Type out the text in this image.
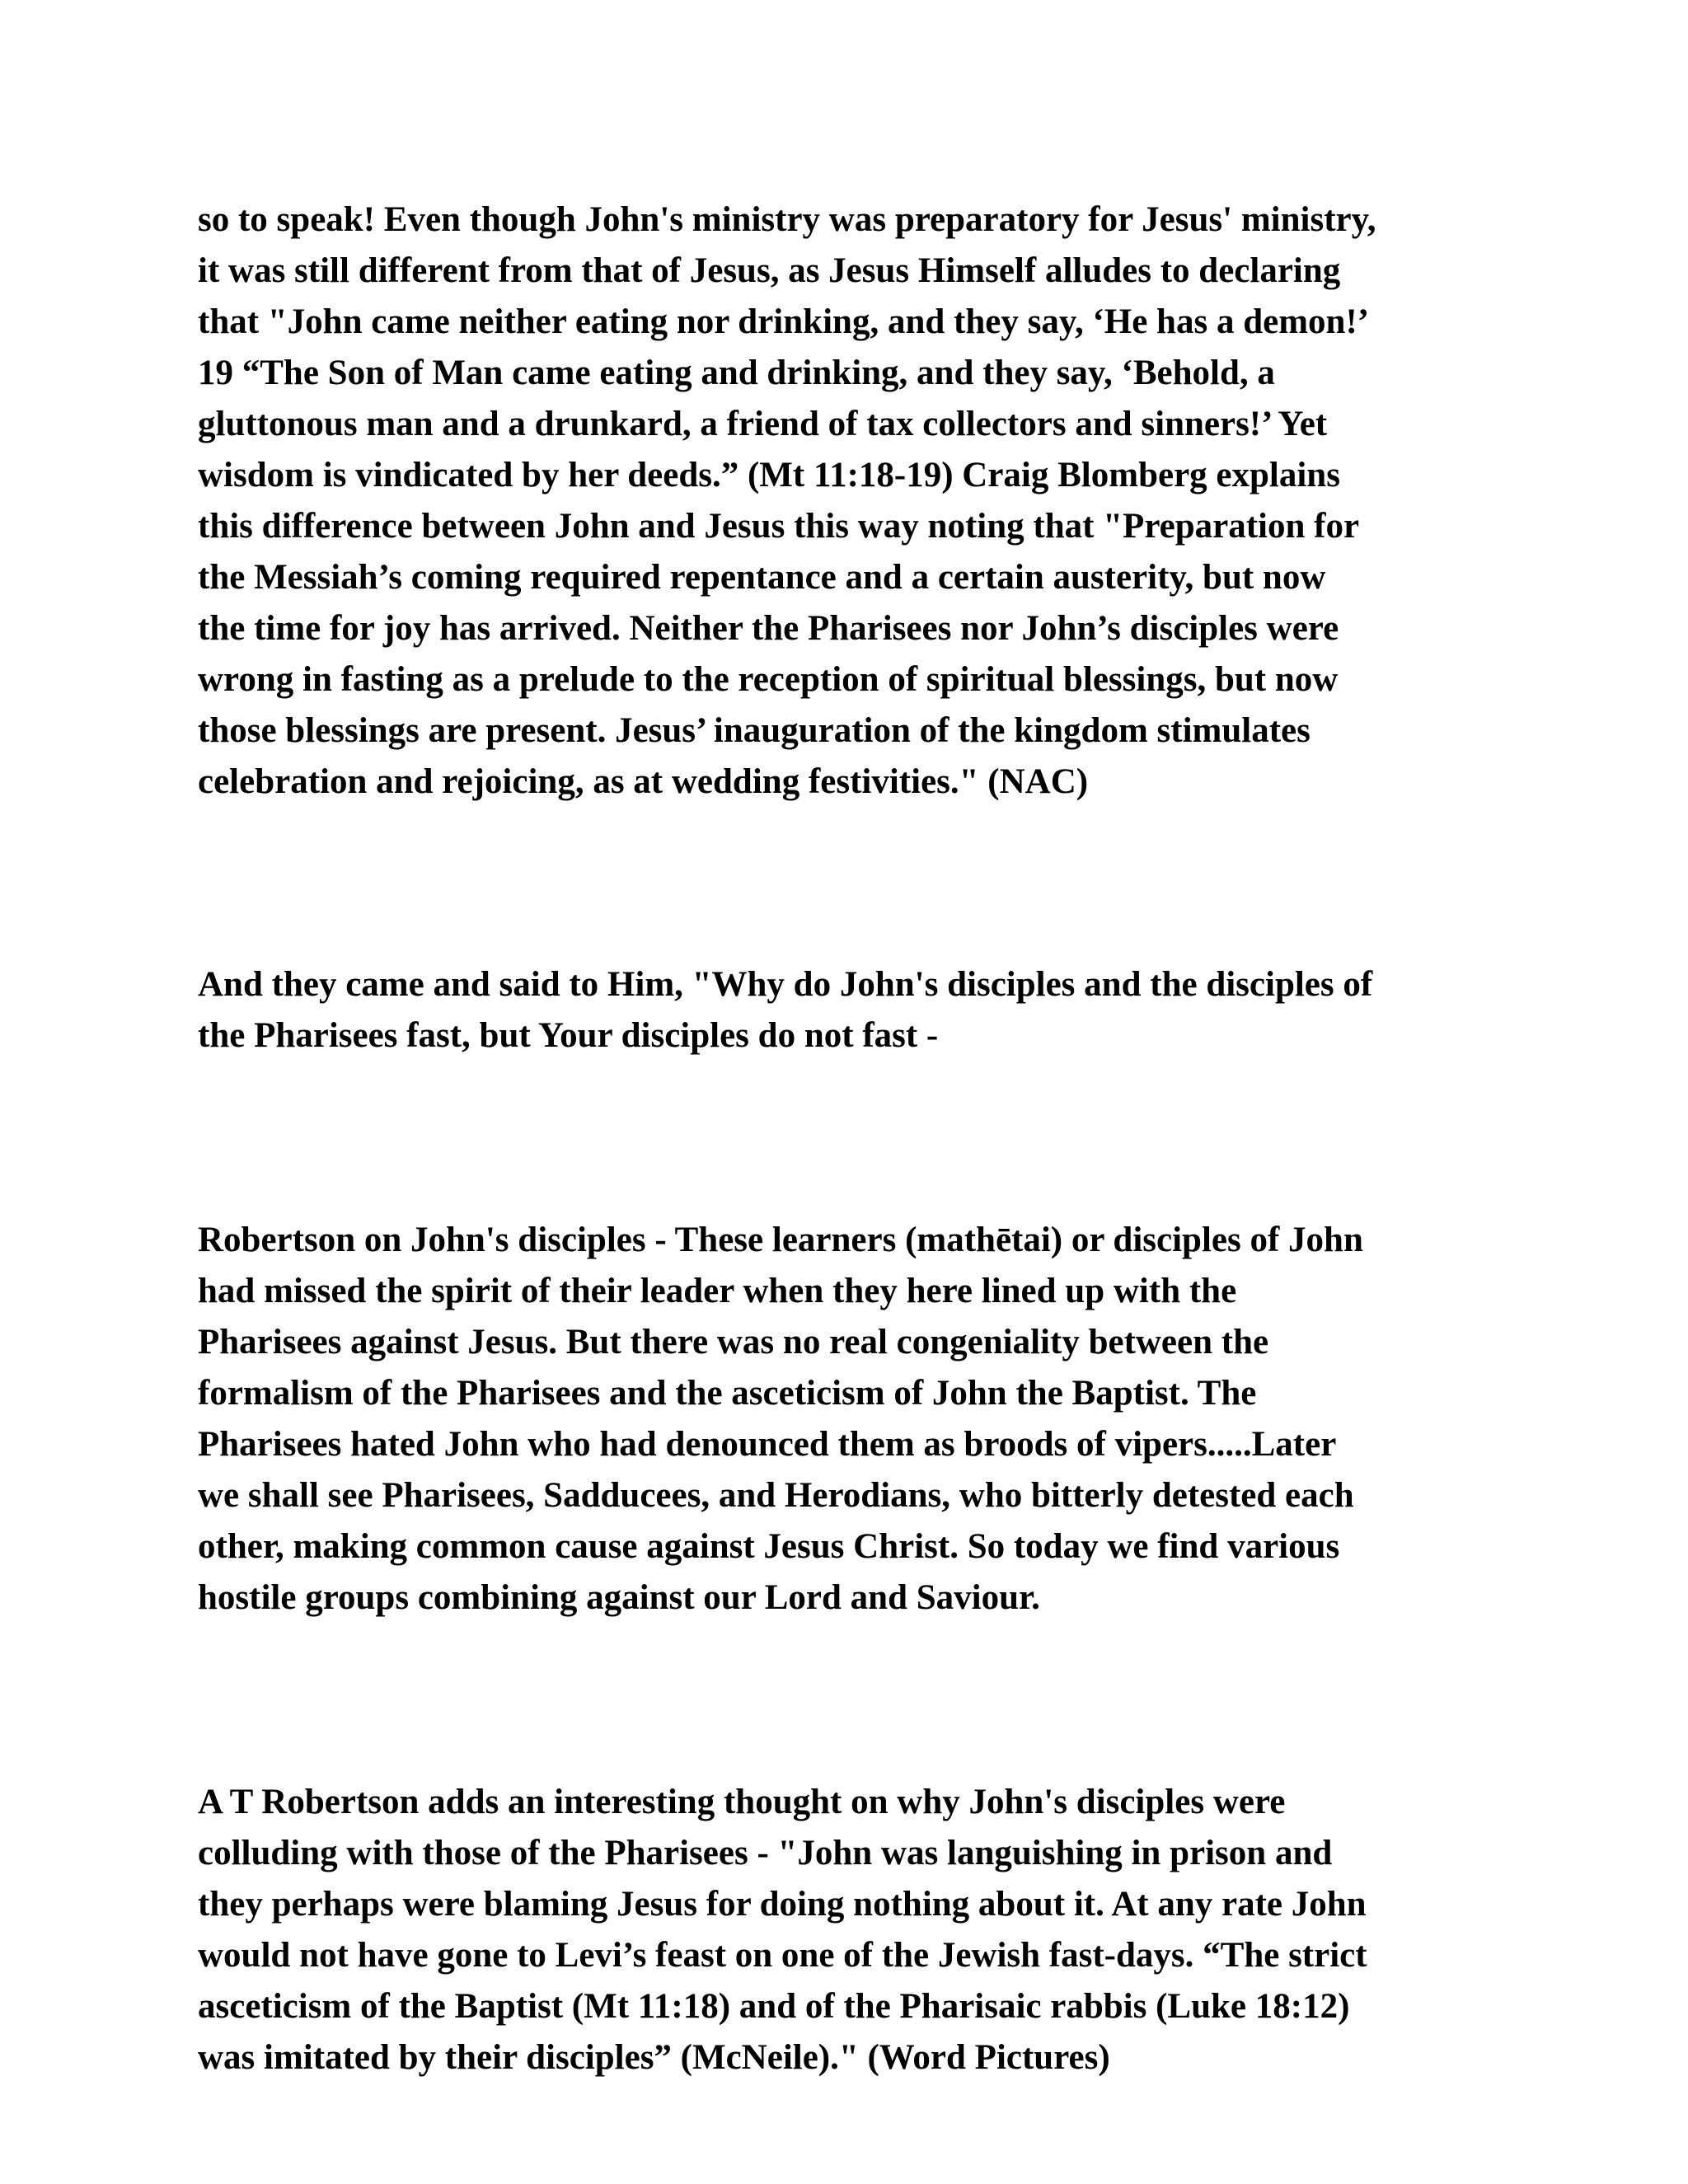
so to speak! Even though John's ministry was preparatory for Jesus' ministry,
it was still different from that of Jesus, as Jesus Himself alludes to declaring
that "John came neither eating nor drinking, and they say, ‘He has a demon!’
19 “The Son of Man came eating and drinking, and they say, ‘Behold, a
gluttonous man and a drunkard, a friend of tax collectors and sinners!’ Yet
wisdom is vindicated by her deeds.” (Mt 11:18-19) Craig Blomberg explains
this difference between John and Jesus this way noting that "Preparation for
the Messiah’s coming required repentance and a certain austerity, but now
the time for joy has arrived. Neither the Pharisees nor John’s disciples were
wrong in fasting as a prelude to the reception of spiritual blessings, but now
those blessings are present. Jesus’ inauguration of the kingdom stimulates
celebration and rejoicing, as at wedding festivities." (NAC)
And they came and said to Him, "Why do John's disciples and the disciples of
the Pharisees fast, but Your disciples do not fast -
Robertson on John's disciples - These learners (mathētai) or disciples of John
had missed the spirit of their leader when they here lined up with the
Pharisees against Jesus. But there was no real congeniality between the
formalism of the Pharisees and the asceticism of John the Baptist. The
Pharisees hated John who had denounced them as broods of vipers.....Later
we shall see Pharisees, Sadducees, and Herodians, who bitterly detested each
other, making common cause against Jesus Christ. So today we find various
hostile groups combining against our Lord and Saviour.
A T Robertson adds an interesting thought on why John's disciples were
colluding with those of the Pharisees - "John was languishing in prison and
they perhaps were blaming Jesus for doing nothing about it. At any rate John
would not have gone to Levi’s feast on one of the Jewish fast-days. “The strict
asceticism of the Baptist (Mt 11:18) and of the Pharisaic rabbis (Luke 18:12)
was imitated by their disciples” (McNeile)." (Word Pictures)
